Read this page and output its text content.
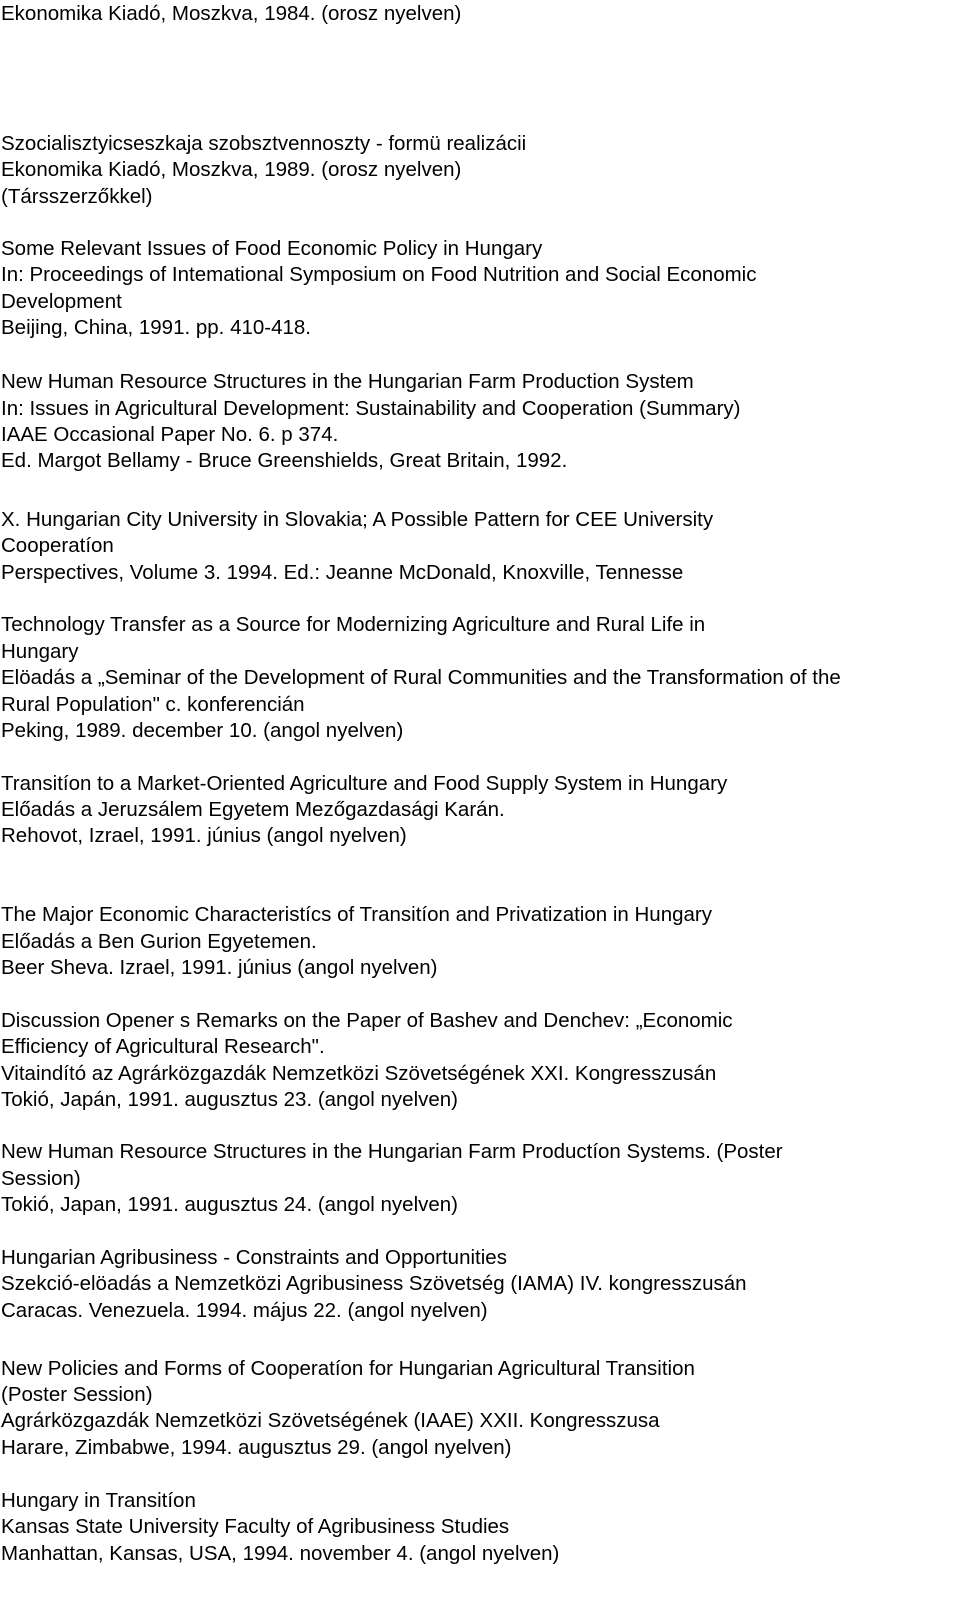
Ekonomika Kiadó, Moszkva, 1984. (orosz nyelven)

Szocialisztyicseszkaja szobsztvennoszty - formü realizácii

Ekonomika Kiadó, Moszkva, 1989. (orosz nyelven)

(Társszerzőkkel)

Some Relevant Issues of Food Economic Policy in Hungary

In: Proceedings of Intemational Symposium on Food Nutrition and Social Economic

Development

Beijing, China, 1991. pp. 410-418.

New Human Resource Structures in the Hungarian Farm Production System

In: Issues in Agricultural Development: Sustainability and Cooperation (Summary)

IAAE Occasional Paper No. 6. p 374.

Ed. Margot Bellamy - Bruce Greenshields, Great Britain, 1992.

X. Hungarian City University in Slovakia; A Possible Pattern for CEE University

Cooperatíon

Perspectives, Volume 3. 1994. Ed.: Jeanne McDonald, Knoxville, Tennesse

Technology Transfer as a Source for Modernizing Agriculture and Rural Life in

Hungary

Elöadás a „Seminar of the Development of Rural Communities and the Transformation of the

Rural Population" c. konferencián

Peking, 1989. december 10. (angol nyelven)

Transitíon to a Market-Oriented Agriculture and Food Supply System in Hungary

Előadás a Jeruzsálem Egyetem Mezőgazdasági Karán.

Rehovot, Izrael, 1991. június (angol nyelven)

The Major Economic Characteristícs of Transitíon and Privatization in Hungary

Előadás a Ben Gurion Egyetemen.

Beer Sheva. Izrael, 1991. június (angol nyelven)

Discussion Opener s Remarks on the Paper of Bashev and Denchev: „Economic

Efficiency of Agricultural Research".

Vitaindító az Agrárközgazdák Nemzetközi Szövetségének XXI. Kongresszusán

Tokió, Japán, 1991. augusztus 23. (angol nyelven)

New Human Resource Structures in the Hungarian Farm Productíon Systems. (Poster

Session)

Tokió, Japan, 1991. augusztus 24. (angol nyelven)

Hungarian Agribusiness - Constraints and Opportunities

Szekció-elöadás a Nemzetközi Agribusiness Szövetség (IAMA) IV. kongresszusán

Caracas. Venezuela. 1994. május 22. (angol nyelven)

New Policies and Forms of Cooperatíon for Hungarian Agricultural Transition

(Poster Session)

Agrárközgazdák Nemzetközi Szövetségének (IAAE) XXII. Kongresszusa

Harare, Zimbabwe, 1994. augusztus 29. (angol nyelven)

Hungary in Transitíon

Kansas State University Faculty of Agribusiness Studies

Manhattan, Kansas, USA, 1994. november 4. (angol nyelven)
